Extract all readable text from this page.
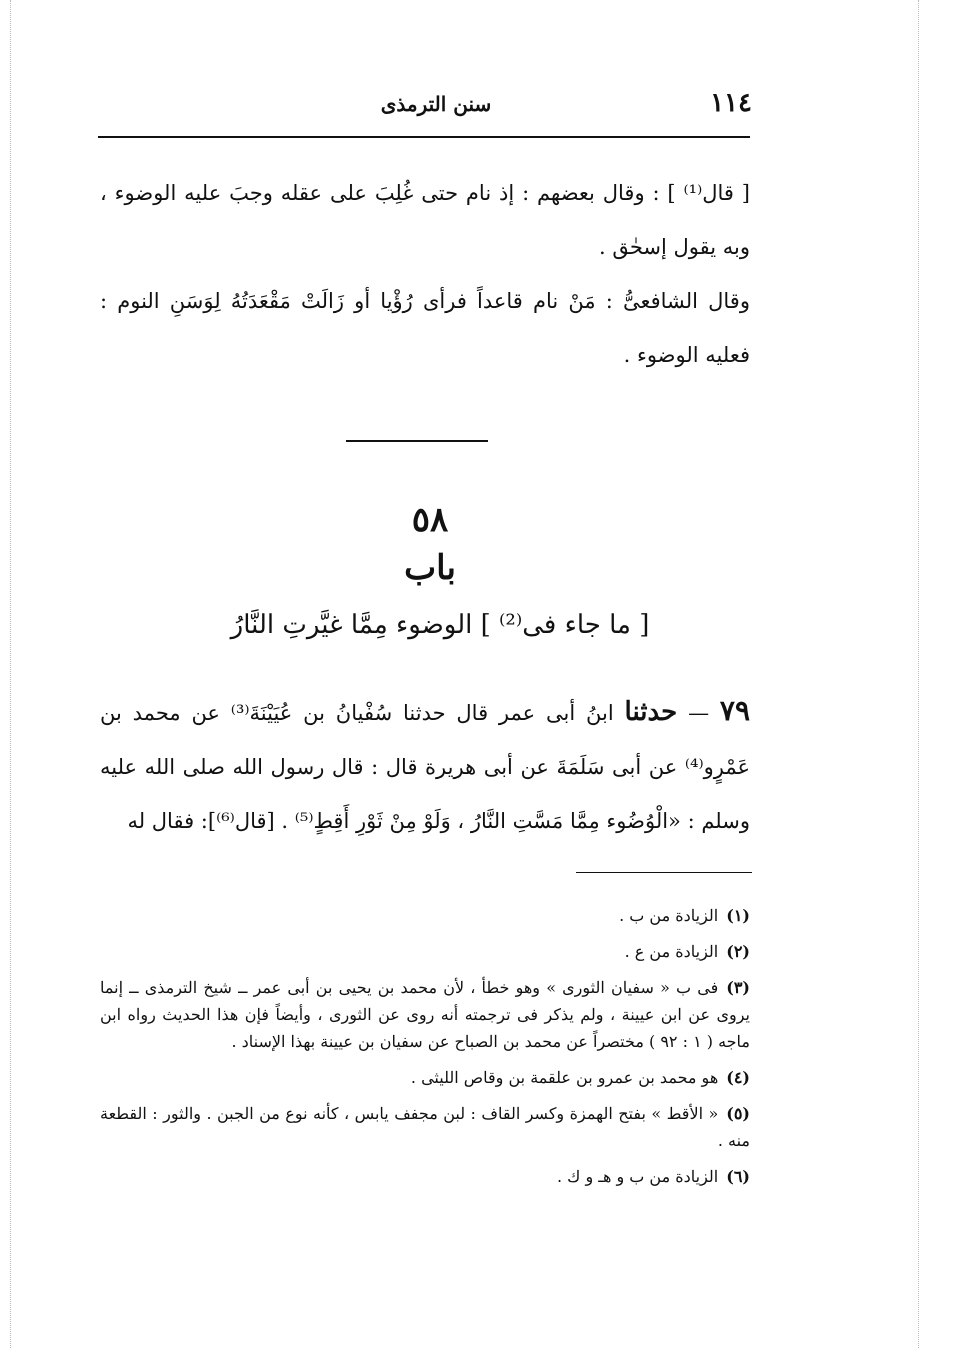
١١٤
سنن الترمذى
[ قال⁽¹⁾ ] : وقال بعضهم : إذ نام حتى غُلِبَ على عقله وجبَ عليه الوضوء ، وبه يقول إسحٰق .
وقال الشافعىُّ : مَنْ نام قاعداً فرأى رُؤْيا أو زَالَتْ مَقْعَدَتُهُ لِوَسَنِ النوم : فعليه الوضوء .
٥٨
باب
[ ما جاء فى⁽²⁾ ] الوضوء مِمَّا غيَّرتِ النَّارُ
٧٩ — حدثنا ابنُ أبى عمر قال حدثنا سُفْيانُ بن عُيَيْنَةَ⁽³⁾ عن محمد بن عَمْرٍو⁽⁴⁾ عن أبى سَلَمَةَ عن أبى هريرة قال : قال رسول الله صلى الله عليه وسلم : «الْوُضُوء مِمَّا مَسَّتِ النَّارُ ، وَلَوْ مِنْ ثَوْرِ أَقِطٍ⁽⁵⁾ . [قال⁽⁶⁾]: فقال له
(١)الزيادة من ب .
(٢)الزيادة من ع .
(٣)فى ب « سفيان الثورى » وهو خطأ ، لأن محمد بن يحيى بن أبى عمر ــ شيخ الترمذى ــ إنما يروى عن ابن عيينة ، ولم يذكر فى ترجمته أنه روى عن الثورى ، وأيضاً فإن هذا الحديث رواه ابن ماجه ( ١ : ٩٢ ) مختصراً عن محمد بن الصباح عن سفيان بن عيينة بهذا الإسناد .
(٤)هو محمد بن عمرو بن علقمة بن وقاص الليثى .
(٥)« الأقط » بفتح الهمزة وكسر القاف : لبن مجفف يابس ، كأنه نوع من الجبن . والثور : القطعة منه .
(٦)الزيادة من ب و هـ و ك .
